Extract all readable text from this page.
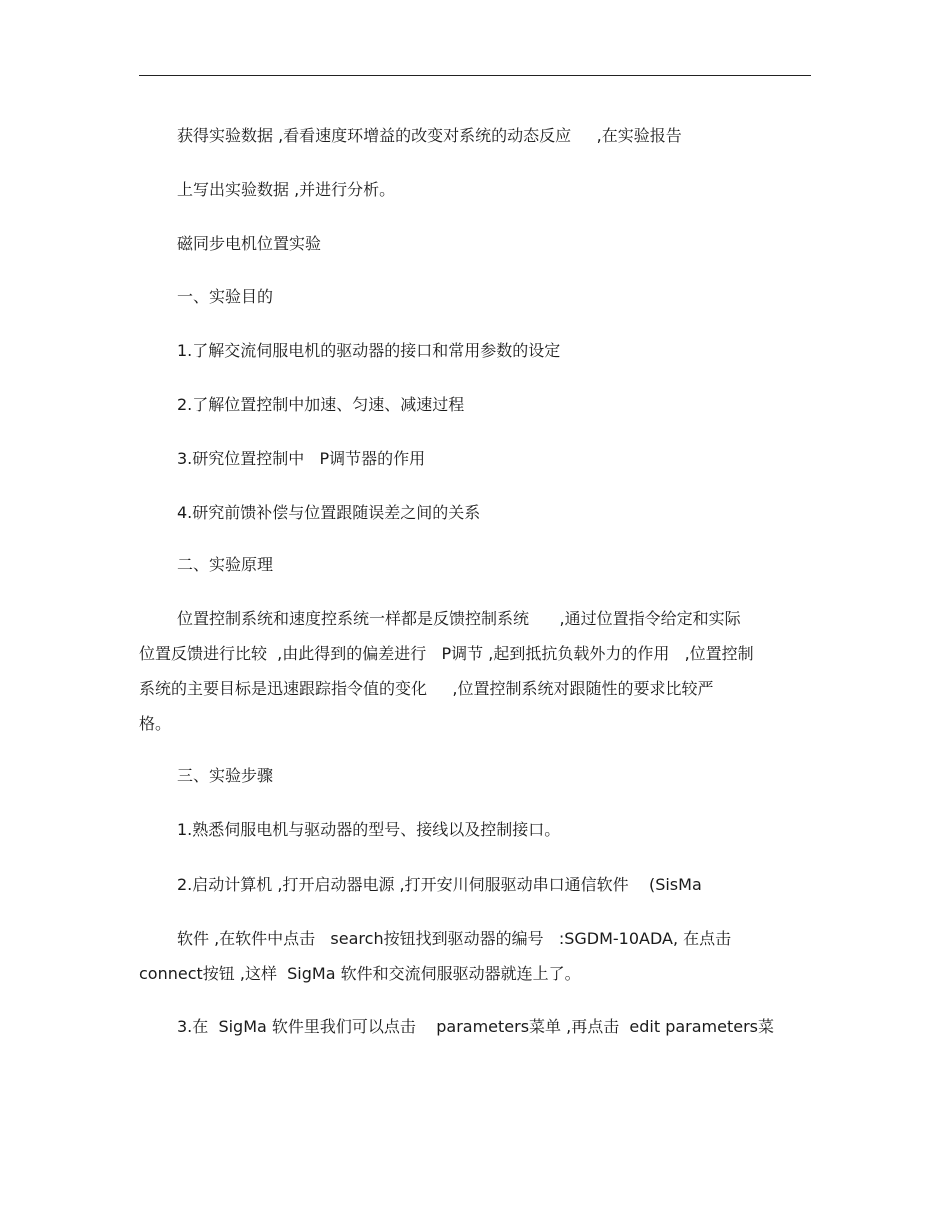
获得实验数据 ,看看速度环增益的改变对系统的动态反应     ,在实验报告
上写出实验数据 ,并进行分析。
磁同步电机位置实验
一、实验目的
1.了解交流伺服电机的驱动器的接口和常用参数的设定
2.了解位置控制中加速、匀速、减速过程
3.研究位置控制中   P调节器的作用
4.研究前馈补偿与位置跟随误差之间的关系
二、实验原理
位置控制系统和速度控系统一样都是反馈控制系统      ,通过位置指令给定和实际
位置反馈进行比较  ,由此得到的偏差进行   P调节 ,起到抵抗负载外力的作用   ,位置控制
系统的主要目标是迅速跟踪指令值的变化     ,位置控制系统对跟随性的要求比较严
格。
三、实验步骤
1.熟悉伺服电机与驱动器的型号、接线以及控制接口。
2.启动计算机 ,打开启动器电源 ,打开安川伺服驱动串口通信软件    (SisMa
软件 ,在软件中点击   search按钮找到驱动器的编号   :SGDM-10ADA, 在点击
connect按钮 ,这样  SigMa 软件和交流伺服驱动器就连上了。
3.在  SigMa 软件里我们可以点击    parameters菜单 ,再点击  edit parameters菜
